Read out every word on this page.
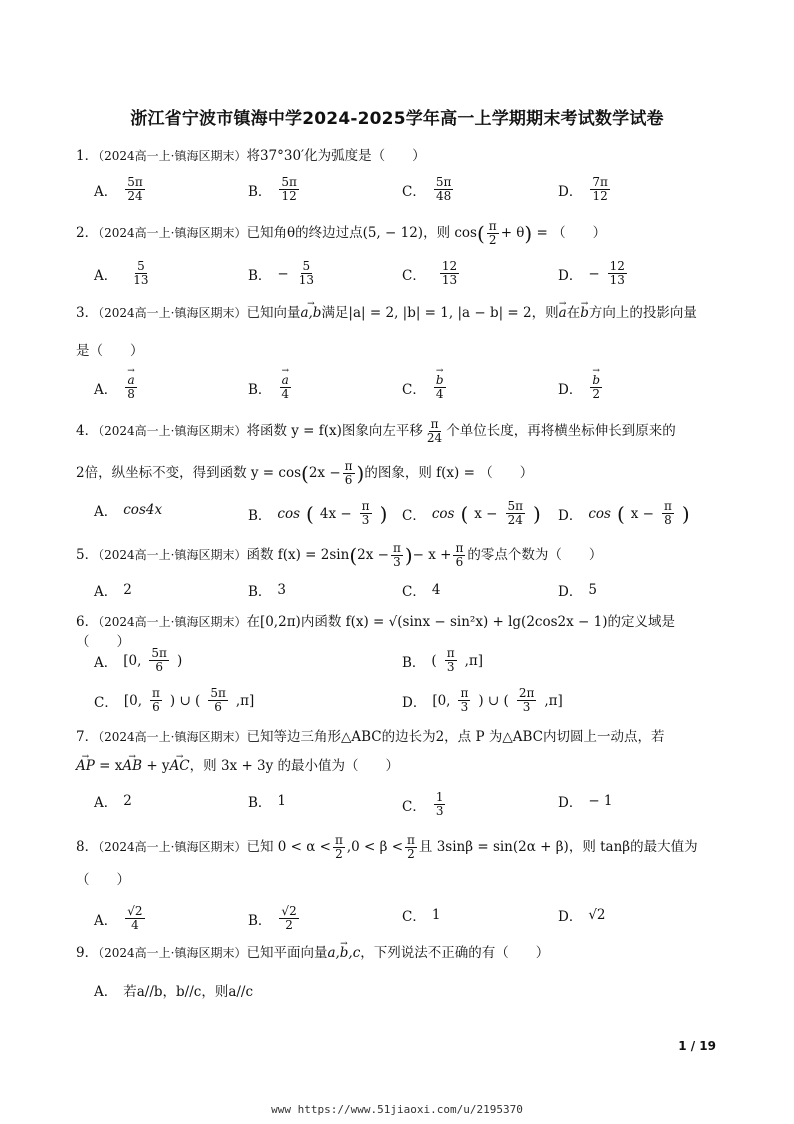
浙江省宁波市镇海中学2024-2025学年高一上学期期末考试数学试卷
1．（2024高一上·镇海区期末）将37°30′化为弧度是（　　）
A． $\frac{5\pi}{24}$	B． $\frac{5\pi}{12}$	C． $\frac{5\pi}{48}$	D． $\frac{7\pi}{12}$
2．（2024高一上·镇海区期末）已知角θ的终边过点(5, − 12)，则 $\cos( \frac{\pi}{2} + \theta)$ = （　　）
A． $\frac{5}{13}$	B． − $\frac{5}{13}$	C． $\frac{12}{13}$	D． − $\frac{12}{13}$
3．（2024高一上·镇海区期末）已知向量→ a,b满足|a| = 2, |b| = 1, |a − b| = 2，则→ a在→ b方向上的投影向量
是（　　）
A． → $\frac{a}{8}$	B． → $\frac{a}{4}$	C． → $\frac{b}{4}$	D． → $\frac{b}{2}$
4．（2024高一上·镇海区期末）将函数 y = f(x)图象向左平移 $\frac{\pi}{24}$ 个单位长度，再将横坐标伸长到原来的
2倍，纵坐标不变，得到函数 $y = \cos(2x - \frac{\pi}{6}$ )的图象，则 f(x) = （　　）
A． cos4x	B． cos ( $4x - \frac{\pi}{3}$ ) C． cos ( $x - \frac{5\pi}{24}$ ) D． cos ( $x - \frac{\pi}{8}$ )
5．（2024高一上·镇海区期末）函数 $f(x) = 2\sin(2x - \frac{\pi}{3}$ )− $x + \frac{\pi}{6}$ 的零点个数为（　　）
A． 2	B． 3	C． 4	D． 5
6．（2024高一上·镇海区期末）在[0,2π)内函数 f(x) = √(sinx − sin²x) + lg(2cos2x − 1)的定义域是（　　）
A． [0, $\frac{5\pi}{6}$ )	B． ( $\frac{\pi}{3} ,\pi$]
C． [0, $\frac{\pi}{6}$ ) ∪ ( $\frac{5\pi}{6} ,\pi$]	D． [0, $\frac{\pi}{3}$ ) ∪ ( $\frac{2\pi}{3} ,\pi$]
7．（2024高一上·镇海区期末）已知等边三角形△ABC的边长为2，点 P 为△ABC内切圆上一动点，若
→ AP = x→ AB + y→ AC，则 3x + 3y 的最小值为（　　）
A． 2	B． 1	C． $\frac{1}{3}$	D． − 1
8．（2024高一上·镇海区期末）已知 $0 < \alpha < \frac{\pi}{2} ,0 < \beta < \frac{\pi}{2}$ 且 3sinβ = sin(2α + β)，则 tanβ的最大值为
（　　）
A． $\frac{√2}{4}$	B． $\frac{√2}{2}$	C． 1	D． √2
9．（2024高一上·镇海区期末）已知平面向量→ a,b,c，下列说法不正确的有（　　）
A． 若a//b，b//c，则a//c
1 / 19
www https://www.51jiaoxi.com/u/2195370
